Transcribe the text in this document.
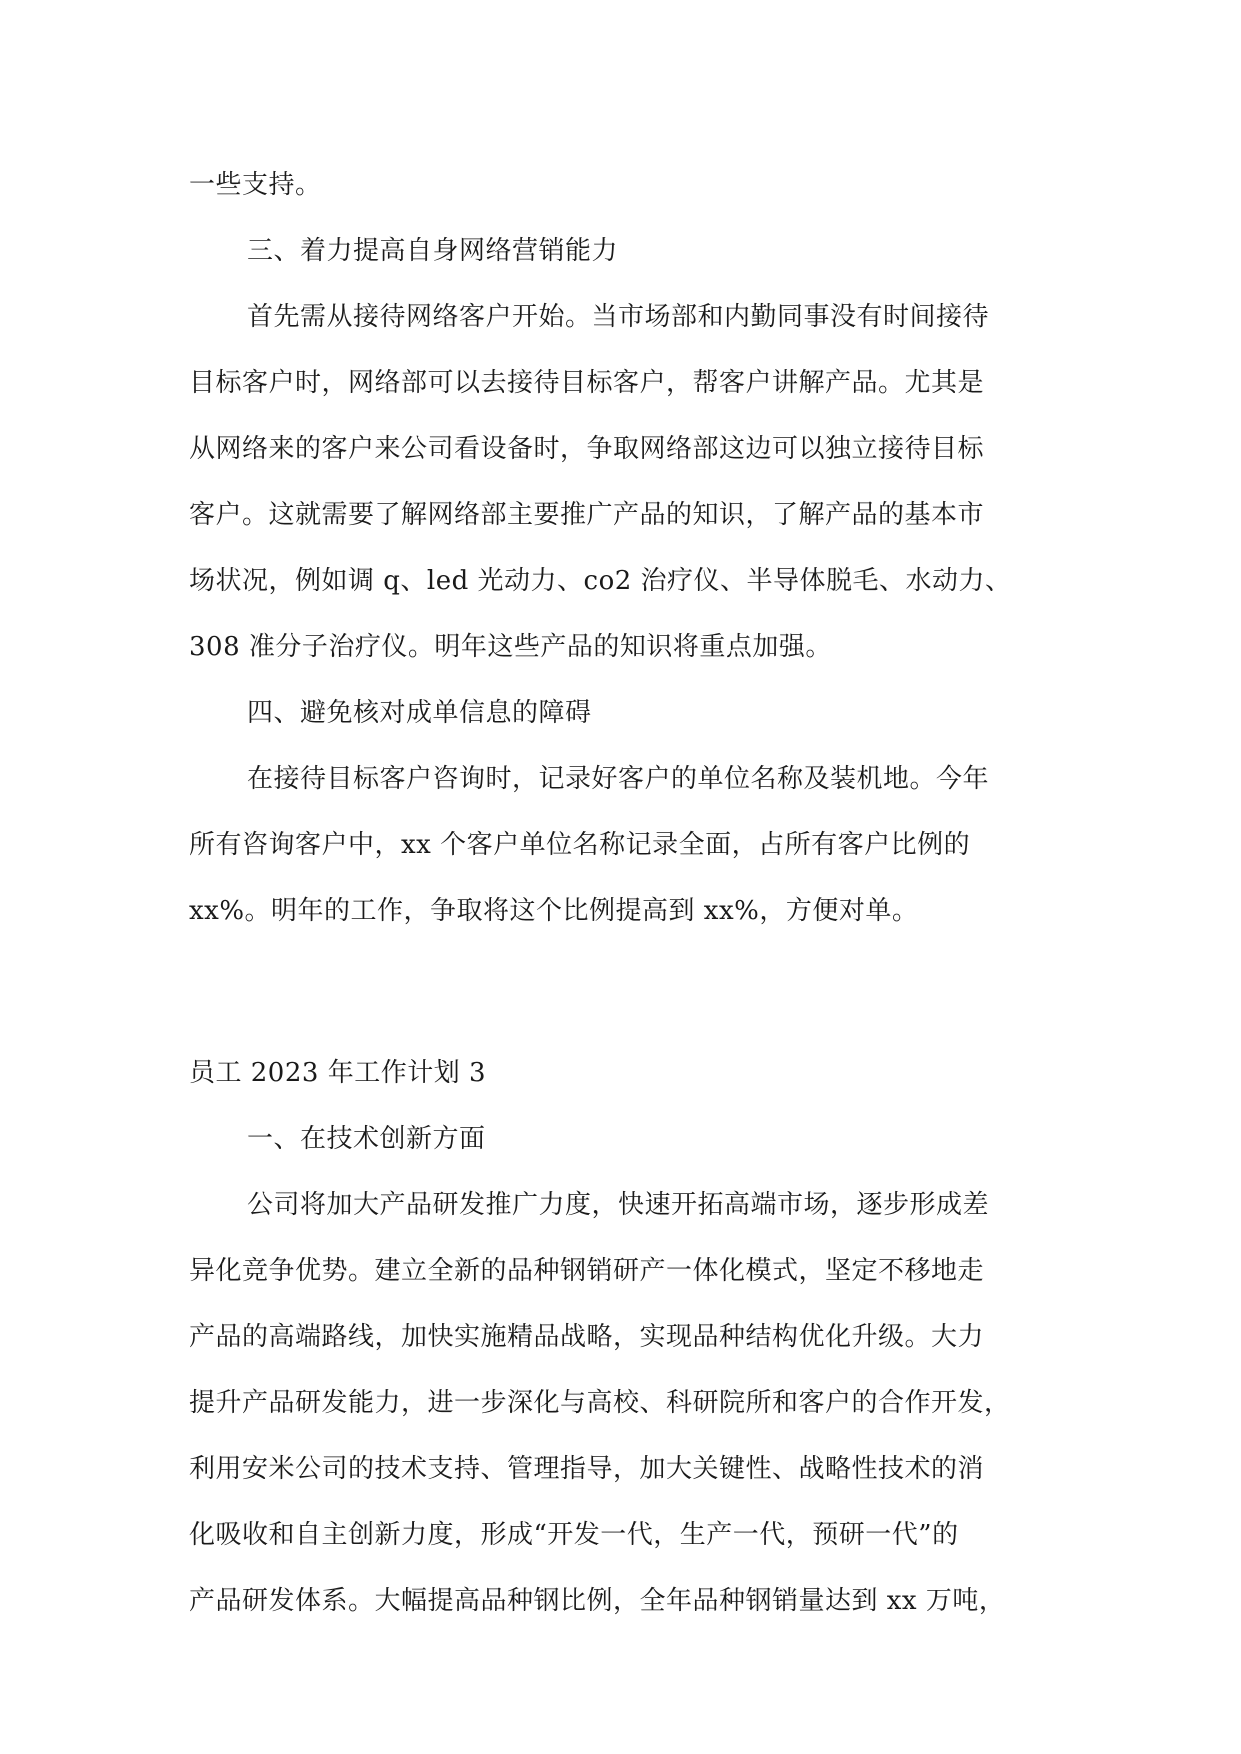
一些支持。
三、着力提高自身网络营销能力
首先需从接待网络客户开始。当市场部和内勤同事没有时间接待
目标客户时，网络部可以去接待目标客户，帮客户讲解产品。尤其是
从网络来的客户来公司看设备时，争取网络部这边可以独立接待目标
客户。这就需要了解网络部主要推广产品的知识，了解产品的基本市
场状况，例如调 q、led 光动力、co2 治疗仪、半导体脱毛、水动力、
308 准分子治疗仪。明年这些产品的知识将重点加强。
四、避免核对成单信息的障碍
在接待目标客户咨询时，记录好客户的单位名称及装机地。今年
所有咨询客户中，xx 个客户单位名称记录全面，占所有客户比例的
xx%。明年的工作，争取将这个比例提高到 xx%，方便对单。
员工 2023 年工作计划 3
一、在技术创新方面
公司将加大产品研发推广力度，快速开拓高端市场，逐步形成差
异化竞争优势。建立全新的品种钢销研产一体化模式，坚定不移地走
产品的高端路线，加快实施精品战略，实现品种结构优化升级。大力
提升产品研发能力，进一步深化与高校、科研院所和客户的合作开发，
利用安米公司的技术支持、管理指导，加大关键性、战略性技术的消
化吸收和自主创新力度，形成“开发一代，生产一代，预研一代”的
产品研发体系。大幅提高品种钢比例，全年品种钢销量达到 xx 万吨，
